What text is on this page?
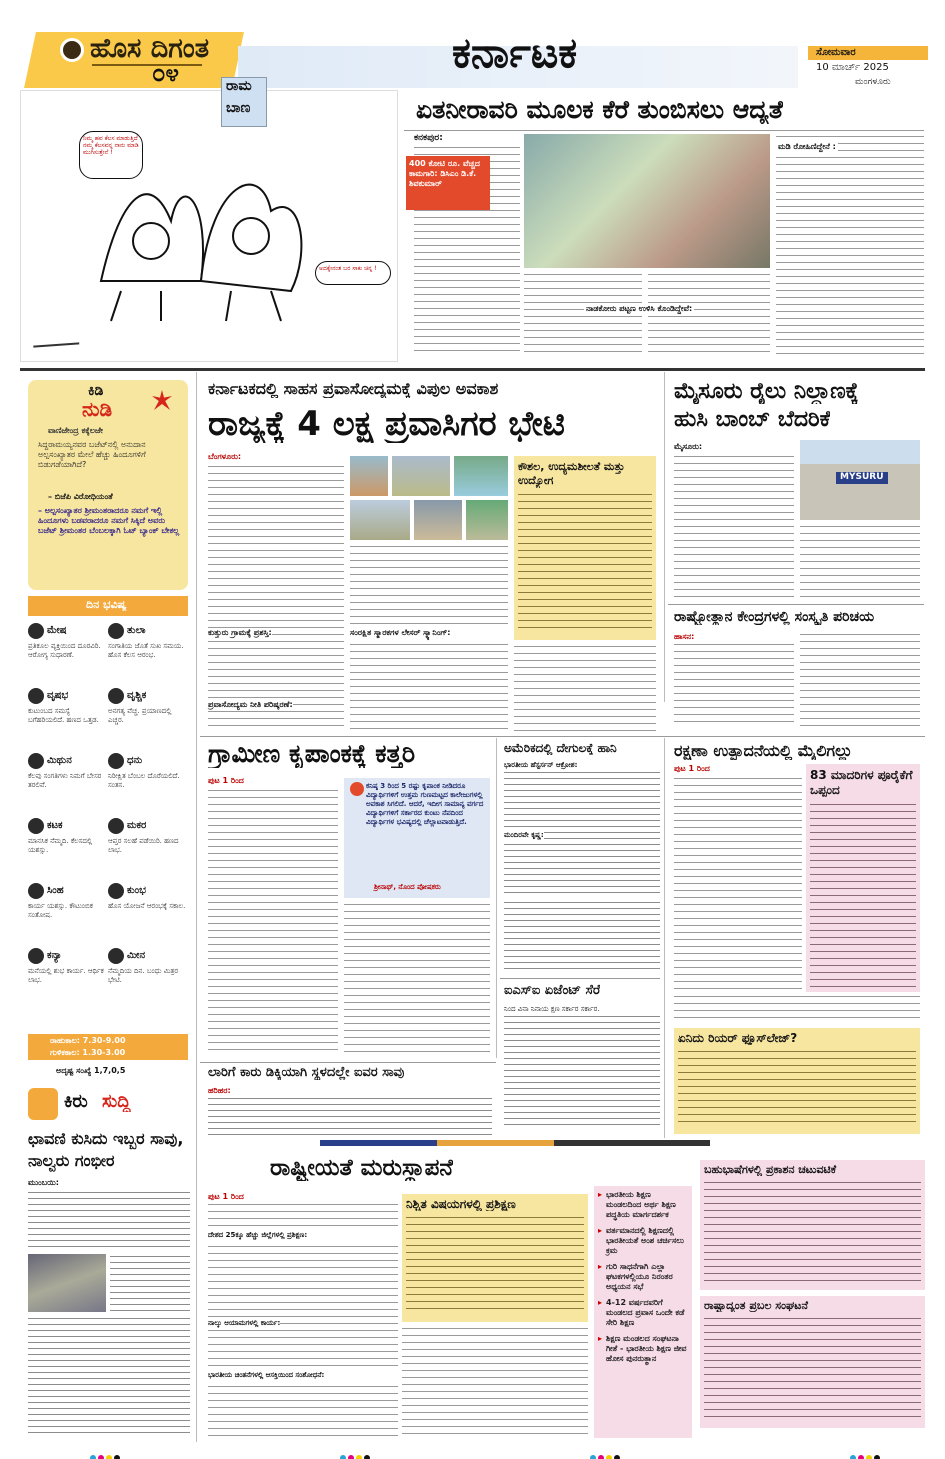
ಹೊಸ ದಿಗಂತ
೦೪	ಕರ್ನಾಟಕ	ಸೋಮವಾರ
10 ಮಾರ್ಚ್ 2025
ಮಂಗಳೂರು
ರಾಮ
ಬಾಣ
ನಿಮ್ಮ ಹವ ಕೆಲಸ ಮಾಡುತ್ತಿದೆ ನಮ್ಮ ಕೆಲಸವನ್ನ ನಾನು ಮಾಡಿ ಮುಗಿಸುತ್ತೇನೆ !
ಅದಕ್ಕೇನಂತ ಬರ ಸಾಕು ಚಿನ್ನ !
ಏತನೀರಾವರಿ ಮೂಲಕ ಕೆರೆ ತುಂಬಿಸಲು ಆದ್ಯತೆ
ಕನಕಪುರ:
400 ಕೋಟಿ ರೂ. ವೆಚ್ಚದ ಕಾಮಗಾರಿ: ಡಿಸಿಎಂ ಡಿ.ಕೆ. ಶಿವಕುಮಾರ್
ನಾಡಕೋರು ಪಟ್ಟಣ ಉಳಿಸಿ ಕೊಂಡಿದ್ದೇವೆ:
ಮಡಿ ರೋಹಿಣಿದ್ದೇನೆ :
ಕಿಡಿ
ನುಡಿ
ವಾಣಿಜೇಂದ್ರ ಕಕ್ಕೆಲಜೇ
ಸಿದ್ದರಾಮಯ್ಯನವರ ಬಜೆಟ್‌ನಲ್ಲಿ ಅನುದಾನ ಅಲ್ಪಸಂಖ್ಯಾತರ ಮೇಲೆ ಹೆಚ್ಚು ಹಿಂದೂಗಳಿಗೆ ಬಿಡುಗಡೆಯಾಗಿದೆ?
– ಬಿಜೆಪಿ ವಿರೋಧಿಯಂತೆ
– ಅಲ್ಪಸಂಖ್ಯಾತರ ಶ್ರೀಮಂತರಾದರೂ ನಮಗೆ ಇಲ್ಲಿ ಹಿಂದೂಗಳು ಬಡವರಾದರೂ ನಮಗೆ ಸಿಕ್ಕಿದೆ ಅವರು ಬಜೆಟ್ ಶ್ರೀಮಂತರ ಬೆಂಬಲಕ್ಕಾಗಿ ಓಟ್ ಬ್ಯಾಂಕ್ ಬೇಕಲ್ಲ
ದಿನ ಭವಿಷ್ಯ
ಮೇಷ
ಪ್ರತಿಕೂಲ ವ್ಯಕ್ತಿಯಿಂದ ದೂರವಿರಿ. ಆರೋಗ್ಯ ಸುಧಾರಣೆ.
ತುಲಾ
ಸಂಗಾತಿಯ ಜೊತೆ ಸುಖ ಸಮಯ. ಹೊಸ ಕೆಲಸ ಆರಂಭ.
ವೃಷಭ
ಕುಟುಂಬದ ಸಮಸ್ಯೆ ಬಗೆಹರಿಯಲಿದೆ. ಹಣದ ಒತ್ತಡ.
ವೃಶ್ಚಿಕ
ಅನಗತ್ಯ ವೆಚ್ಚ. ಪ್ರಯಾಣದಲ್ಲಿ ಎಚ್ಚರ.
ಮಿಥುನ
ಕೆಲವು ಸಂಗತಿಗಳು ನಿಮಗೆ ಬೇಸರ ತರಲಿವೆ.
ಧನು
ನಿರೀಕ್ಷಿತ ಬೆಂಬಲ ದೊರೆಯಲಿದೆ. ಸಂತಸ.
ಕಟಕ
ಮಾನಸಿಕ ನೆಮ್ಮದಿ. ಕೆಲಸದಲ್ಲಿ ಯಶಸ್ಸು.
ಮಕರ
ಆಪ್ತರ ಸಲಹೆ ಪಡೆಯಿರಿ. ಹಣದ ಲಾಭ.
ಸಿಂಹ
ಕಾರ್ಯ ಯಶಸ್ಸು. ಕೌಟುಂಬಿಕ ಸಂತೋಷ.
ಕುಂಭ
ಹೊಸ ಯೋಜನೆ ಆರಂಭಕ್ಕೆ ಸಕಾಲ.
ಕನ್ಯಾ
ಮನೆಯಲ್ಲಿ ಶುಭ ಕಾರ್ಯ. ಆರ್ಥಿಕ ಲಾಭ.
ಮೀನ
ನೆಮ್ಮದಿಯ ದಿನ. ಬಂಧು ಮಿತ್ರರ ಭೇಟಿ.
ರಾಹುಕಾಲ: 7.30-9.00
ಗುಳಿಕಕಾಲ: 1.30-3.00
ಅದೃಷ್ಟ ಸಂಖ್ಯೆ 1,7,0,5
ಕಿರು ಸುದ್ದಿ
ಛಾವಣಿ ಕುಸಿದು ಇಬ್ಬರ ಸಾವು, ನಾಲ್ವರು ಗಂಭೀರ
ಮುಂಬಯಿ:
ಕರ್ನಾಟಕದಲ್ಲಿ ಸಾಹಸ ಪ್ರವಾಸೋದ್ಯಮಕ್ಕೆ ವಿಪುಲ ಅವಕಾಶ
ರಾಜ್ಯಕ್ಕೆ 4 ಲಕ್ಷ ಪ್ರವಾಸಿಗರ ಭೇಟಿ
ಬೆಂಗಳೂರು:
ಕುತ್ತುರು ಗ್ರಾಮಕ್ಕೆ ಪ್ರಶಸ್ತಿ:
ಪ್ರವಾಸೋದ್ಯಮ ನೀತಿ ಪರಿಷ್ಕರಣೆ:
ಸಂರಕ್ಷಿತ ಸ್ಮಾರಕಗಳ ಲೇಸರ್ ಸ್ಕ್ಯಾನಿಂಗ್:
ಕೌಶಲ, ಉದ್ಯಮಶೀಲತೆ ಮತ್ತು ಉದ್ಯೋಗ
ಮೈಸೂರು ರೈಲು ನಿಲ್ದಾಣಕ್ಕೆ
ಹುಸಿ ಬಾಂಬ್ ಬೆದರಿಕೆ
ಮೈಸೂರು:
MYSURU
ರಾಷ್ಟ್ರೋತ್ಥಾನ ಕೇಂದ್ರಗಳಲ್ಲಿ ಸಂಸ್ಕೃತಿ ಪರಿಚಯ
ಹಾಸನ:
ಗ್ರಾಮೀಣ ಕೃಪಾಂಕಕ್ಕೆ ಕತ್ತರಿ
ಪುಟ 1 ರಿಂದ
ಕನಿಷ್ಠ 3 ರಿಂದ 5 ರಷ್ಟು ಕೃಪಾಂಕ ನೀಡಿದರೂ ವಿದ್ಯಾರ್ಥಿಗಳಿಗೆ ಉತ್ತಮ ಗುಣಮಟ್ಟದ ಕಾಲೇಜುಗಳಲ್ಲಿ ಅವಕಾಶ ಸಿಗಲಿದೆ. ಆದರೆ, ಇದೀಗ ಸಾಮಾನ್ಯ ವರ್ಗದ ವಿದ್ಯಾರ್ಥಿಗಳಿಗೆ ಸರ್ಕಾರದ ಕುಂಟು ನೆಪದಿಂದ ವಿದ್ಯಾರ್ಥಿಗಳ ಭವಿಷ್ಯದಲ್ಲಿ ಚೆಲ್ಲಾಟವಾಡುತ್ತಿದೆ.
ಶ್ರೀನಾಥ್, ನೊಂದ ಪೋಷಕರು
ಅಮೆರಿಕದಲ್ಲಿ ದೇಗುಲಕ್ಕೆ ಹಾನಿ
ಭಾರತೀಯ ಹೆಸ್ಟರ್ಸನ್ ಆಕ್ರೋಶ:
ಮಂದಿರವೇ ಕೃಷ್ಣ:
ಐಎಸ್‌ಐ ಏಜೆಂಟ್ ಸೆರೆ
ನಿಂದ ವಿನಾ ನಿನಾಯ ಕ್ಷಣ ಸರ್ಕಾರ ಸರ್ಕಾರ.
ರಕ್ಷಣಾ ಉತ್ಪಾದನೆಯಲ್ಲಿ ಮೈಲಿಗಲ್ಲು
ಪುಟ 1 ರಿಂದ	83 ಮಾದರಿಗಳ ಪೂರೈಕೆಗೆ ಒಪ್ಪಂದ
ಏನಿದು ರಿಯರ್ ಫ್ಯೂಸ್‌ಲೇಜ್?
ಲಾರಿಗೆ ಕಾರು ಡಿಕ್ಕಿಯಾಗಿ ಸ್ಥಳದಲ್ಲೇ ಐವರ ಸಾವು
ಹರಿಹರ:
ರಾಷ್ಟ್ರೀಯತೆ ಮರುಸ್ಥಾಪನೆ
ಪುಟ 1 ರಿಂದ
ದೇಶದ 25ಕ್ಕೂ ಹೆಚ್ಚು ಜಿಲ್ಲೆಗಳಲ್ಲಿ ಪ್ರಶಿಕ್ಷಣ:
ನಾಲ್ಕು ಆಯಾಮಗಳಲ್ಲಿ ಕಾರ್ಯ:
ಭಾರತೀಯ ಚಿಂತನೆಗಳಲ್ಲಿ ಆಸಕ್ತಿಯಿಂದ ಸಂಶೋಧನೆ:
ನಿಶ್ಚಿತ ವಿಷಯಗಳಲ್ಲಿ ಪ್ರಶಿಕ್ಷಣ
▸ ಭಾರತೀಯ ಶಿಕ್ಷಣ ಮಂಡಲದಿಂದ ಅರ್ಥ ಶಿಕ್ಷಣ ಪದ್ಧತಿಯ ಮಾರ್ಗದರ್ಶಕ
▸ ವರ್ತಮಾನದಲ್ಲಿ ಶಿಕ್ಷಣದಲ್ಲಿ ಭಾರತೀಯತೆ ಅಂಶ ಚರ್ಚಿಸಲು ಕ್ರಮ
▸ ಗುರಿ ಸಾಧನೆಗಾಗಿ ಎಲ್ಲಾ ಘಟಕಗಳಲ್ಲಿಯೂ ನಿರಂತರ ಅಧ್ಯಯನ ಸಭೆ
▸ 4-12 ವರ್ಷದವರಿಗೆ ಮಂಡಲದ ಪ್ರವಾಸ ಒಂದೇ ಕಡೆ ಸೇರಿ ಶಿಕ್ಷಣ
▸ ಶಿಕ್ಷಣ ಮಂಡಲದ ಸಂಘಟನಾ ಗೀತೆ - ಭಾರತೀಯ ಶಿಕ್ಷಣ ಜೀವ ಹೋಸ ಪುನರುತ್ಥಾನ
ಬಹುಭಾಷೆಗಳಲ್ಲಿ ಪ್ರಕಾಶನ ಚಟುವಟಿಕೆ
ರಾಷ್ಟ್ರಾದ್ಯಂತ ಪ್ರಬಲ ಸಂಘಟನೆ
